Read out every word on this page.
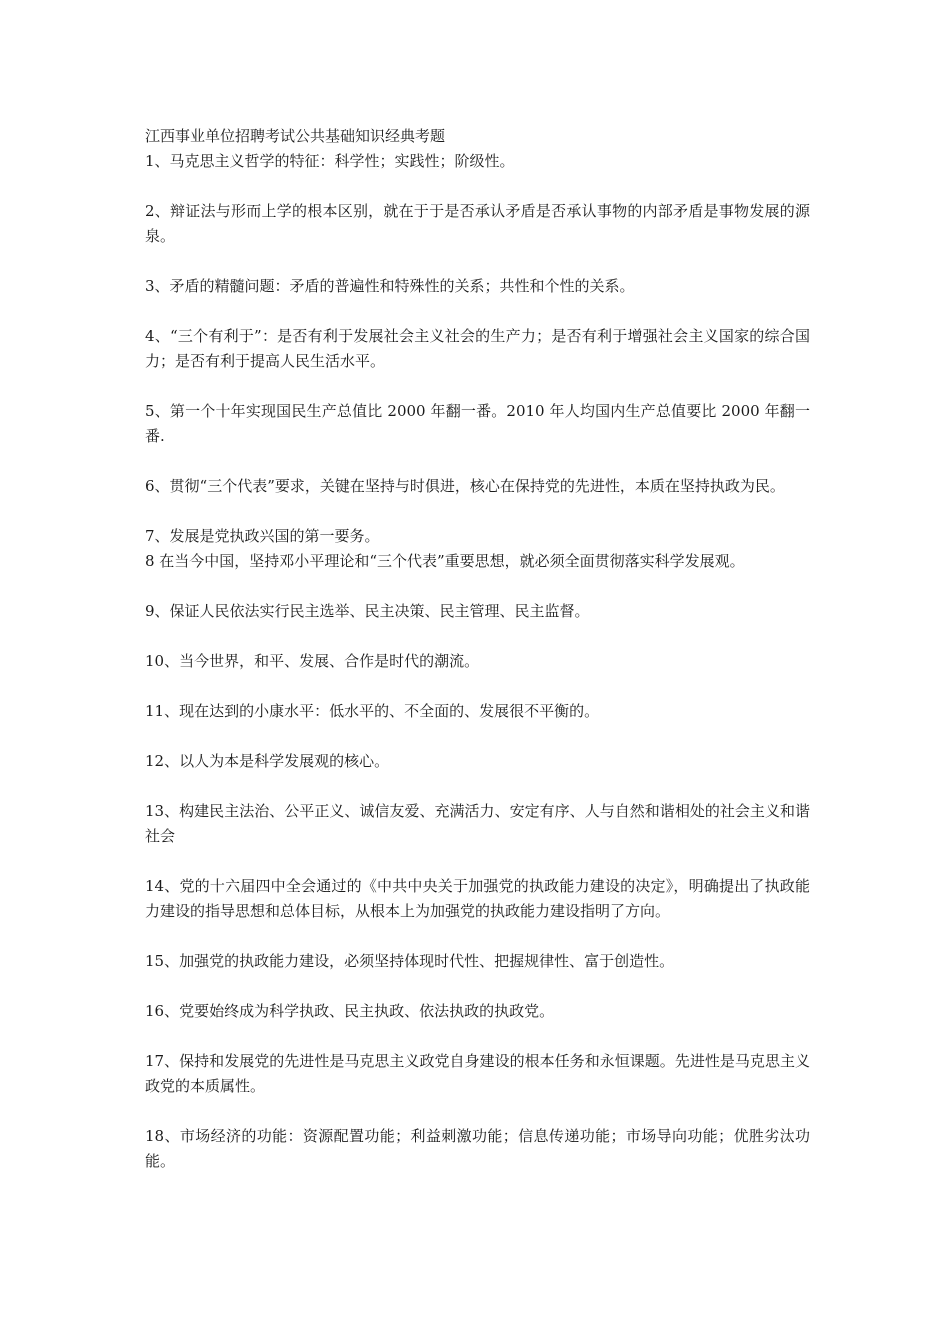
江西事业单位招聘考试公共基础知识经典考题

1、马克思主义哲学的特征：科学性；实践性；阶级性。

2、辩证法与形而上学的根本区别，就在于于是否承认矛盾是否承认事物的内部矛盾是事物发展的源泉。

3、矛盾的精髓问题：矛盾的普遍性和特殊性的关系；共性和个性的关系。

4、“三个有利于”：是否有利于发展社会主义社会的生产力；是否有利于增强社会主义国家的综合国力；是否有利于提高人民生活水平。

5、第一个十年实现国民生产总值比 2000 年翻一番。2010 年人均国内生产总值要比 2000 年翻一番.

6、贯彻“三个代表”要求，关键在坚持与时俱进，核心在保持党的先进性，本质在坚持执政为民。

7、发展是党执政兴国的第一要务。

8 在当今中国，坚持邓小平理论和“三个代表”重要思想，就必须全面贯彻落实科学发展观。

9、保证人民依法实行民主选举、民主决策、民主管理、民主监督。

10、当今世界，和平、发展、合作是时代的潮流。

11、现在达到的小康水平：低水平的、不全面的、发展很不平衡的。

12、以人为本是科学发展观的核心。

13、构建民主法治、公平正义、诚信友爱、充满活力、安定有序、人与自然和谐相处的社会主义和谐社会

14、党的十六届四中全会通过的《中共中央关于加强党的执政能力建设的决定》，明确提出了执政能力建设的指导思想和总体目标，从根本上为加强党的执政能力建设指明了方向。

15、加强党的执政能力建设，必须坚持体现时代性、把握规律性、富于创造性。

16、党要始终成为科学执政、民主执政、依法执政的执政党。

17、保持和发展党的先进性是马克思主义政党自身建设的根本任务和永恒课题。先进性是马克思主义政党的本质属性。

18、市场经济的功能：资源配置功能；利益刺激功能；信息传递功能；市场导向功能；优胜劣汰功能。
